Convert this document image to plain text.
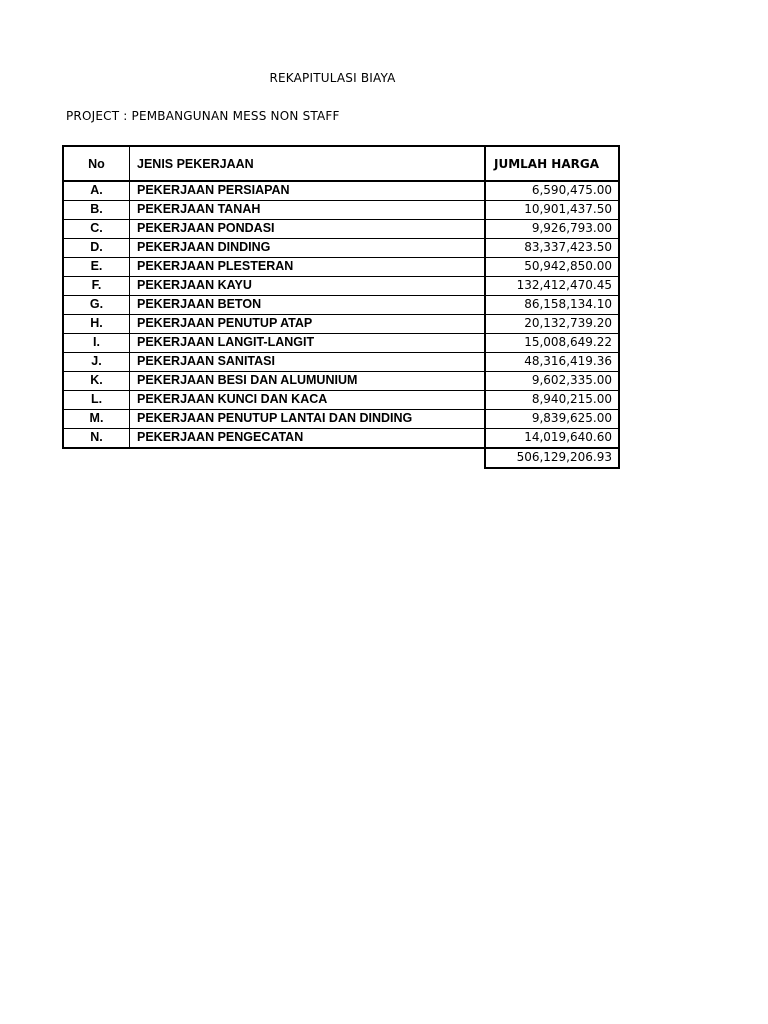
REKAPITULASI BIAYA
PROJECT : PEMBANGUNAN MESS NON STAFF
No	JENIS PEKERJAAN	JUMLAH HARGA
A.	PEKERJAAN PERSIAPAN	6,590,475.00
B.	PEKERJAAN TANAH	10,901,437.50
C.	PEKERJAAN PONDASI	9,926,793.00
D.	PEKERJAAN DINDING	83,337,423.50
E.	PEKERJAAN PLESTERAN	50,942,850.00
F.	PEKERJAAN KAYU	132,412,470.45
G.	PEKERJAAN BETON	86,158,134.10
H.	PEKERJAAN PENUTUP ATAP	20,132,739.20
I.	PEKERJAAN LANGIT-LANGIT	15,008,649.22
J.	PEKERJAAN SANITASI	48,316,419.36
K.	PEKERJAAN BESI DAN ALUMUNIUM	9,602,335.00
L.	PEKERJAAN KUNCI DAN KACA	8,940,215.00
M.	PEKERJAAN PENUTUP LANTAI DAN DINDING	9,839,625.00
N.	PEKERJAAN PENGECATAN	14,019,640.60
		506,129,206.93
